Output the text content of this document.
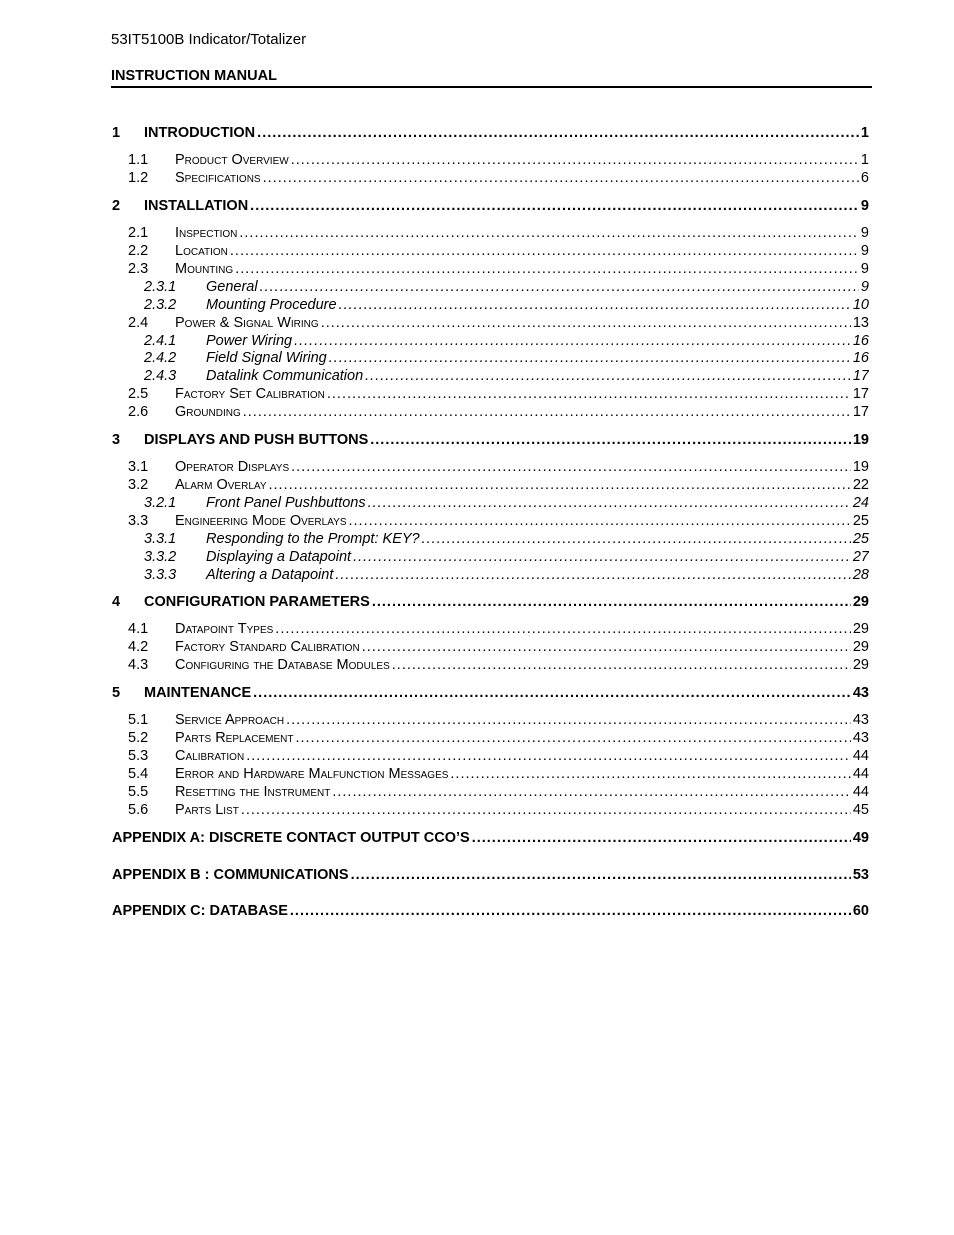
53IT5100B Indicator/Totalizer
INSTRUCTION MANUAL
1	INTRODUCTION .....	1
1.1	Product Overview .....	1
1.2	Specifications .....	6
2	INSTALLATION .....	9
2.1	Inspection .....	9
2.2	Location .....	9
2.3	Mounting .....	9
2.3.1	General .....	9
2.3.2	Mounting Procedure .....	10
2.4	Power & Signal Wiring .....	13
2.4.1	Power Wiring .....	16
2.4.2	Field Signal Wiring .....	16
2.4.3	Datalink Communication .....	17
2.5	Factory Set Calibration .....	17
2.6	Grounding .....	17
3	DISPLAYS AND PUSH BUTTONS .....	19
3.1	Operator Displays .....	19
3.2	Alarm Overlay .....	22
3.2.1	Front Panel Pushbuttons .....	24
3.3	Engineering Mode Overlays .....	25
3.3.1	Responding to the Prompt: KEY? .....	25
3.3.2	Displaying a Datapoint .....	27
3.3.3	Altering a Datapoint .....	28
4	CONFIGURATION PARAMETERS .....	29
4.1	Datapoint Types .....	29
4.2	Factory Standard Calibration .....	29
4.3	Configuring the Database Modules .....	29
5	MAINTENANCE .....	43
5.1	Service Approach .....	43
5.2	Parts Replacement .....	43
5.3	Calibration .....	44
5.4	Error and Hardware Malfunction Messages .....	44
5.5	Resetting the Instrument .....	44
5.6	Parts List .....	45
APPENDIX A: DISCRETE CONTACT OUTPUT CCO’S .....	49
APPENDIX B : COMMUNICATIONS .....	53
APPENDIX C: DATABASE .....	60
